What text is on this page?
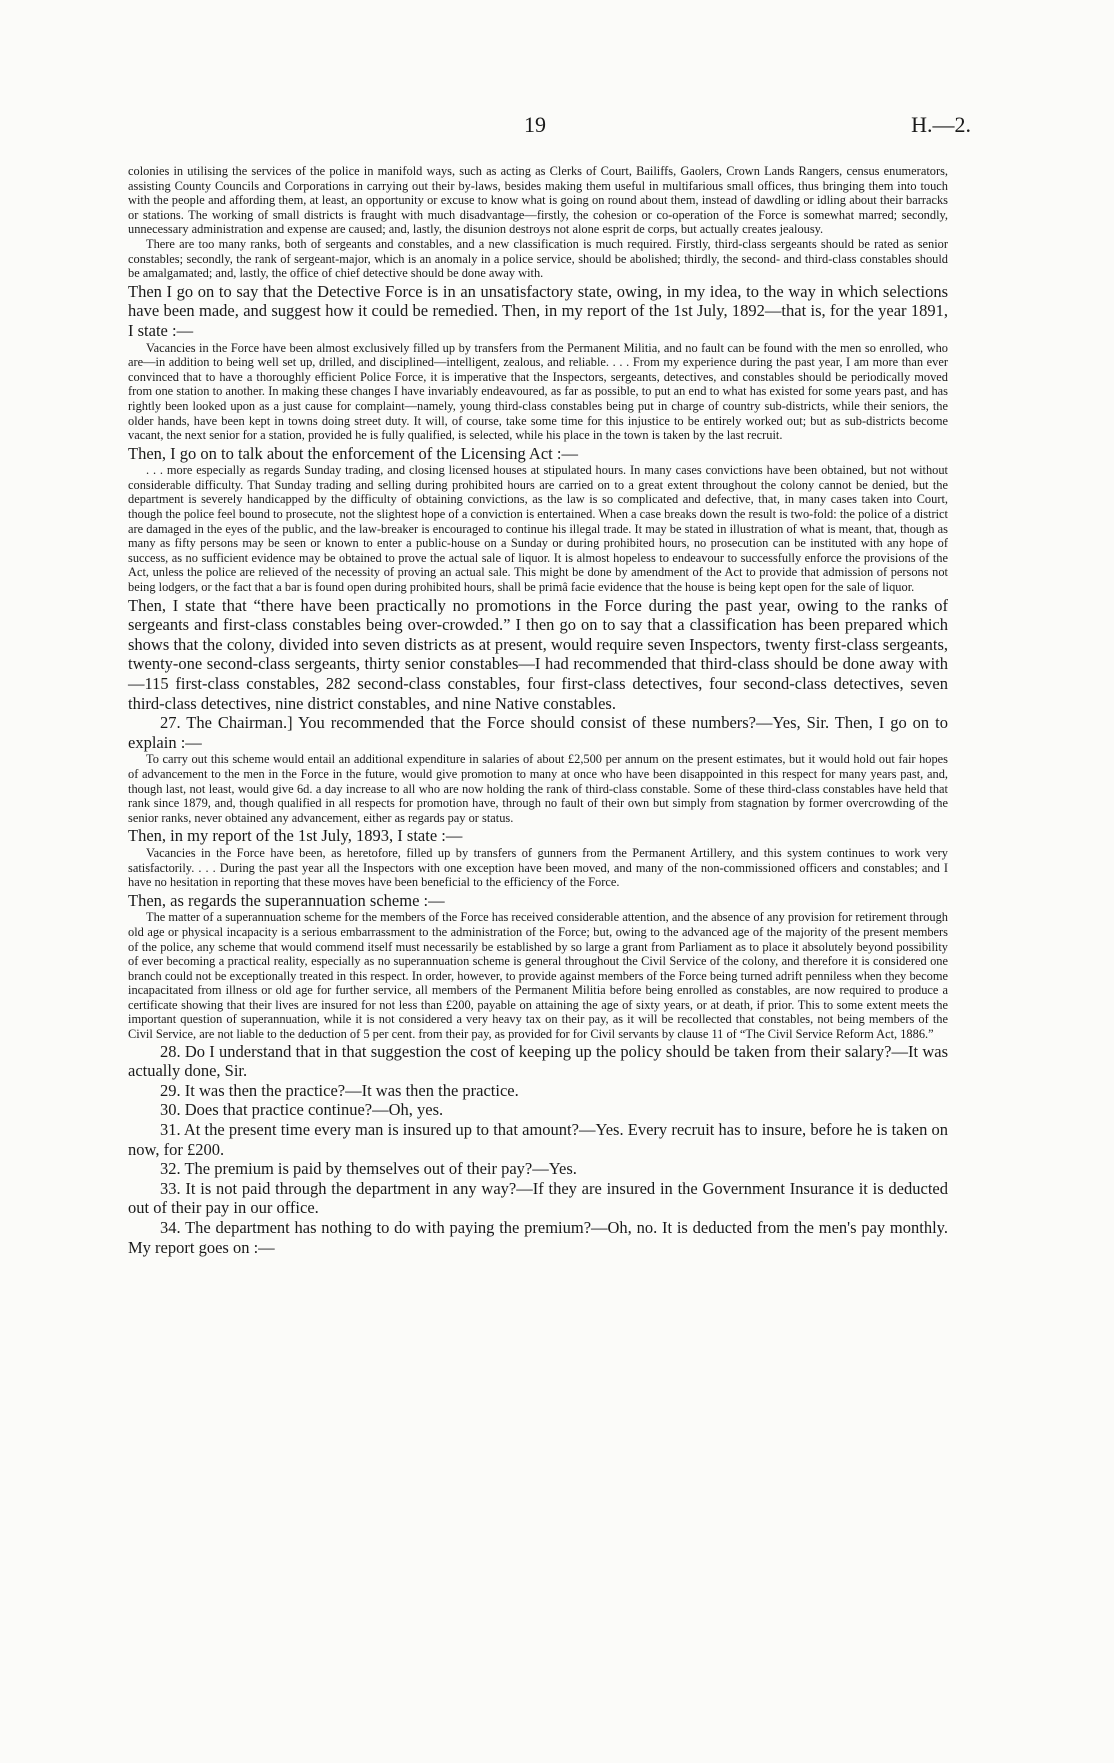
19	H.—2.

colonies in utilising the services of the police in manifold ways, such as acting as Clerks of Court, Bailiffs, Gaolers, Crown Lands Rangers, census enumerators, assisting County Councils and Corporations in carrying out their by-laws, besides making them useful in multifarious small offices, thus bringing them into touch with the people and affording them, at least, an opportunity or excuse to know what is going on round about them, instead of dawdling or idling about their barracks or stations. The working of small districts is fraught with much disadvantage—firstly, the cohesion or co-operation of the Force is somewhat marred; secondly, unnecessary administration and expense are caused; and, lastly, the disunion destroys not alone esprit de corps, but actually creates jealousy.

There are too many ranks, both of sergeants and constables, and a new classification is much required. Firstly, third-class sergeants should be rated as senior constables; secondly, the rank of sergeant-major, which is an anomaly in a police service, should be abolished; thirdly, the second- and third-class constables should be amalgamated; and, lastly, the office of chief detective should be done away with.

Then I go on to say that the Detective Force is in an unsatisfactory state, owing, in my idea, to the way in which selections have been made, and suggest how it could be remedied. Then, in my report of the 1st July, 1892—that is, for the year 1891, I state :—

Vacancies in the Force have been almost exclusively filled up by transfers from the Permanent Militia, and no fault can be found with the men so enrolled, who are—in addition to being well set up, drilled, and disciplined—intelligent, zealous, and reliable. . . . From my experience during the past year, I am more than ever convinced that to have a thoroughly efficient Police Force, it is imperative that the Inspectors, sergeants, detectives, and constables should be periodically moved from one station to another. In making these changes I have invariably endeavoured, as far as possible, to put an end to what has existed for some years past, and has rightly been looked upon as a just cause for complaint—namely, young third-class constables being put in charge of country sub-districts, while their seniors, the older hands, have been kept in towns doing street duty. It will, of course, take some time for this injustice to be entirely worked out; but as sub-districts become vacant, the next senior for a station, provided he is fully qualified, is selected, while his place in the town is taken by the last recruit.

Then, I go on to talk about the enforcement of the Licensing Act :—

. . . more especially as regards Sunday trading, and closing licensed houses at stipulated hours. In many cases convictions have been obtained, but not without considerable difficulty. That Sunday trading and selling during prohibited hours are carried on to a great extent throughout the colony cannot be denied, but the department is severely handicapped by the difficulty of obtaining convictions, as the law is so complicated and defective, that, in many cases taken into Court, though the police feel bound to prosecute, not the slightest hope of a conviction is entertained. When a case breaks down the result is two-fold: the police of a district are damaged in the eyes of the public, and the law-breaker is encouraged to continue his illegal trade. It may be stated in illustration of what is meant, that, though as many as fifty persons may be seen or known to enter a public-house on a Sunday or during prohibited hours, no prosecution can be instituted with any hope of success, as no sufficient evidence may be obtained to prove the actual sale of liquor. It is almost hopeless to endeavour to successfully enforce the provisions of the Act, unless the police are relieved of the necessity of proving an actual sale. This might be done by amendment of the Act to provide that admission of persons not being lodgers, or the fact that a bar is found open during prohibited hours, shall be primâ facie evidence that the house is being kept open for the sale of liquor.

Then, I state that “there have been practically no promotions in the Force during the past year, owing to the ranks of sergeants and first-class constables being over-crowded.” I then go on to say that a classification has been prepared which shows that the colony, divided into seven districts as at present, would require seven Inspectors, twenty first-class sergeants, twenty-one second-class sergeants, thirty senior constables—I had recommended that third-class should be done away with—115 first-class constables, 282 second-class constables, four first-class detectives, four second-class detectives, seven third-class detectives, nine district constables, and nine Native constables.

27. The Chairman.] You recommended that the Force should consist of these numbers?—Yes, Sir. Then, I go on to explain :—

To carry out this scheme would entail an additional expenditure in salaries of about £2,500 per annum on the present estimates, but it would hold out fair hopes of advancement to the men in the Force in the future, would give promotion to many at once who have been disappointed in this respect for many years past, and, though last, not least, would give 6d. a day increase to all who are now holding the rank of third-class constable. Some of these third-class constables have held that rank since 1879, and, though qualified in all respects for promotion have, through no fault of their own but simply from stagnation by former overcrowding of the senior ranks, never obtained any advancement, either as regards pay or status.

Then, in my report of the 1st July, 1893, I state :—

Vacancies in the Force have been, as heretofore, filled up by transfers of gunners from the Permanent Artillery, and this system continues to work very satisfactorily. . . . During the past year all the Inspectors with one exception have been moved, and many of the non-commissioned officers and constables; and I have no hesitation in reporting that these moves have been beneficial to the efficiency of the Force.

Then, as regards the superannuation scheme :—

The matter of a superannuation scheme for the members of the Force has received considerable attention, and the absence of any provision for retirement through old age or physical incapacity is a serious embarrassment to the administration of the Force; but, owing to the advanced age of the majority of the present members of the police, any scheme that would commend itself must necessarily be established by so large a grant from Parliament as to place it absolutely beyond possibility of ever becoming a practical reality, especially as no superannuation scheme is general throughout the Civil Service of the colony, and therefore it is considered one branch could not be exceptionally treated in this respect. In order, however, to provide against members of the Force being turned adrift penniless when they become incapacitated from illness or old age for further service, all members of the Permanent Militia before being enrolled as constables, are now required to produce a certificate showing that their lives are insured for not less than £200, payable on attaining the age of sixty years, or at death, if prior. This to some extent meets the important question of superannuation, while it is not considered a very heavy tax on their pay, as it will be recollected that constables, not being members of the Civil Service, are not liable to the deduction of 5 per cent. from their pay, as provided for for Civil servants by clause 11 of “The Civil Service Reform Act, 1886.”

28. Do I understand that in that suggestion the cost of keeping up the policy should be taken from their salary?—It was actually done, Sir.

29. It was then the practice?—It was then the practice.

30. Does that practice continue?—Oh, yes.

31. At the present time every man is insured up to that amount?—Yes. Every recruit has to insure, before he is taken on now, for £200.

32. The premium is paid by themselves out of their pay?—Yes.

33. It is not paid through the department in any way?—If they are insured in the Government Insurance it is deducted out of their pay in our office.

34. The department has nothing to do with paying the premium?—Oh, no. It is deducted from the men's pay monthly. My report goes on :—
